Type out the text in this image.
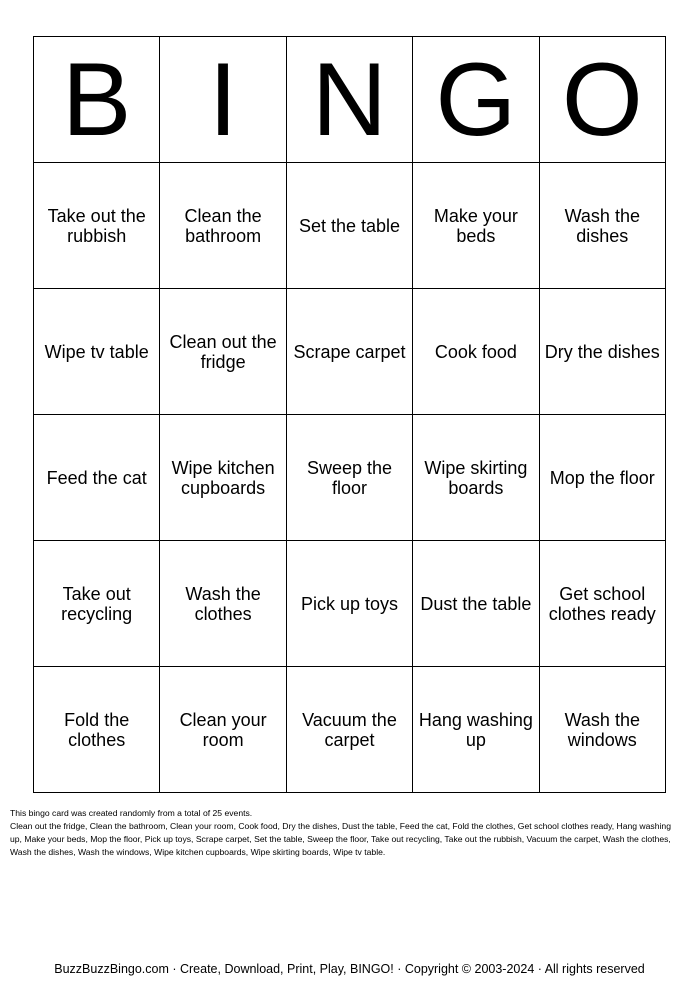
B	I	N	G	O
Take out the rubbish	Clean the bathroom	Set the table	Make your beds	Wash the dishes
Wipe tv table	Clean out the fridge	Scrape carpet	Cook food	Dry the dishes
Feed the cat	Wipe kitchen cupboards	Sweep the floor	Wipe skirting boards	Mop the floor
Take out recycling	Wash the clothes	Pick up toys	Dust the table	Get school clothes ready
Fold the clothes	Clean your room	Vacuum the carpet	Hang washing up	Wash the windows

This bingo card was created randomly from a total of 25 events.

Clean out the fridge, Clean the bathroom, Clean your room, Cook food, Dry the dishes, Dust the table, Feed the cat, Fold the clothes, Get school clothes ready, Hang washing up, Make your beds, Mop the floor, Pick up toys, Scrape carpet, Set the table, Sweep the floor, Take out recycling, Take out the rubbish, Vacuum the carpet, Wash the clothes, Wash the dishes, Wash the windows, Wipe kitchen cupboards, Wipe skirting boards, Wipe tv table.

BuzzBuzzBingo.com · Create, Download, Print, Play, BINGO! · Copyright © 2003-2024 · All rights reserved
